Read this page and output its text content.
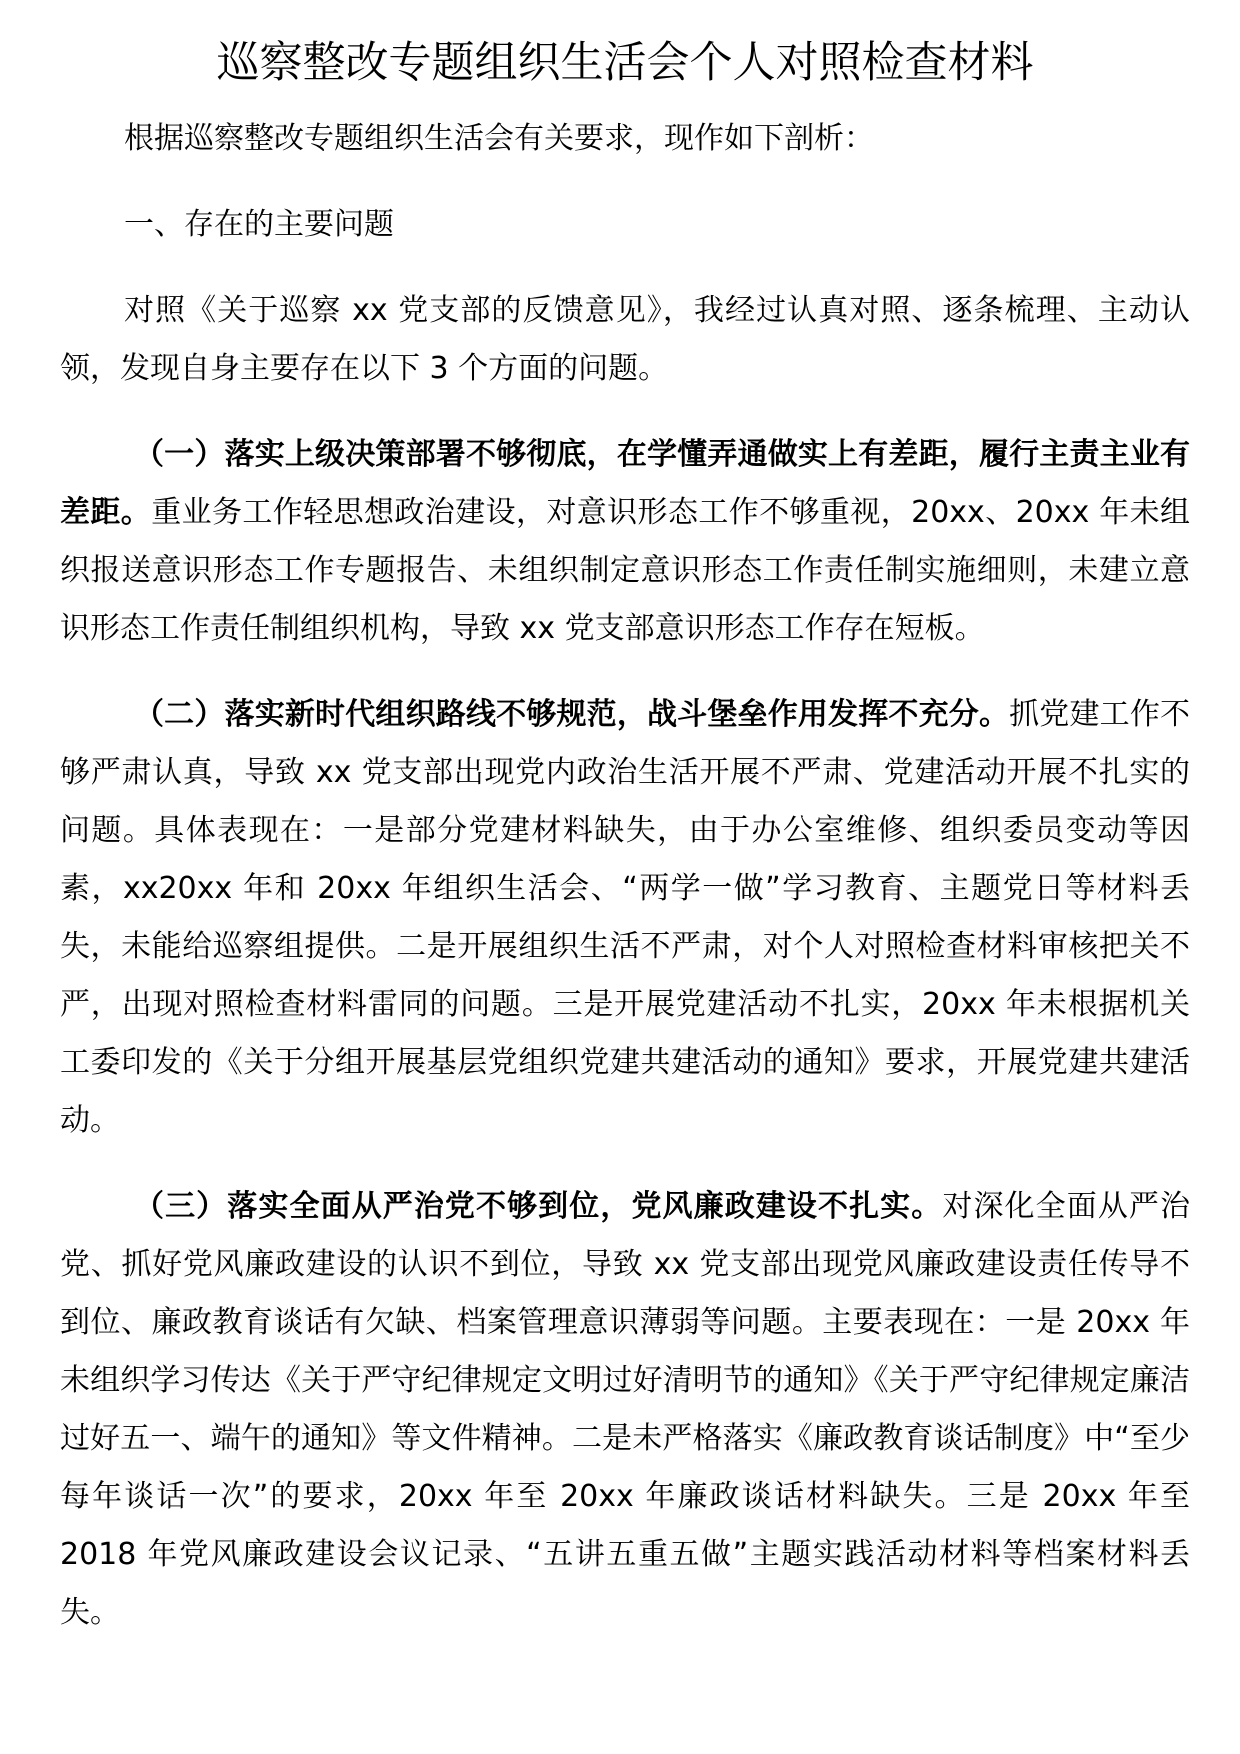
巡察整改专题组织生活会个人对照检查材料

根据巡察整改专题组织生活会有关要求，现作如下剖析：

一、存在的主要问题

对照《关于巡察 xx 党支部的反馈意见》，我经过认真对照、逐条梳理、主动认领，发现自身主要存在以下 3 个方面的问题。

（一）落实上级决策部署不够彻底，在学懂弄通做实上有差距，履行主责主业有差距。重业务工作轻思想政治建设，对意识形态工作不够重视，20xx、20xx 年未组织报送意识形态工作专题报告、未组织制定意识形态工作责任制实施细则，未建立意识形态工作责任制组织机构，导致 xx 党支部意识形态工作存在短板。

（二）落实新时代组织路线不够规范，战斗堡垒作用发挥不充分。抓党建工作不够严肃认真，导致 xx 党支部出现党内政治生活开展不严肃、党建活动开展不扎实的问题。具体表现在：一是部分党建材料缺失，由于办公室维修、组织委员变动等因素，xx20xx 年和 20xx 年组织生活会、“两学一做”学习教育、主题党日等材料丢失，未能给巡察组提供。二是开展组织生活不严肃，对个人对照检查材料审核把关不严，出现对照检查材料雷同的问题。三是开展党建活动不扎实，20xx 年未根据机关工委印发的《关于分组开展基层党组织党建共建活动的通知》要求，开展党建共建活动。

（三）落实全面从严治党不够到位，党风廉政建设不扎实。对深化全面从严治党、抓好党风廉政建设的认识不到位，导致 xx 党支部出现党风廉政建设责任传导不到位、廉政教育谈话有欠缺、档案管理意识薄弱等问题。主要表现在：一是 20xx 年未组织学习传达《关于严守纪律规定文明过好清明节的通知》《关于严守纪律规定廉洁过好五一、端午的通知》等文件精神。二是未严格落实《廉政教育谈话制度》中“至少每年谈话一次”的要求，20xx 年至 20xx 年廉政谈话材料缺失。三是 20xx 年至 2018 年党风廉政建设会议记录、“五讲五重五做”主题实践活动材料等档案材料丢失。
